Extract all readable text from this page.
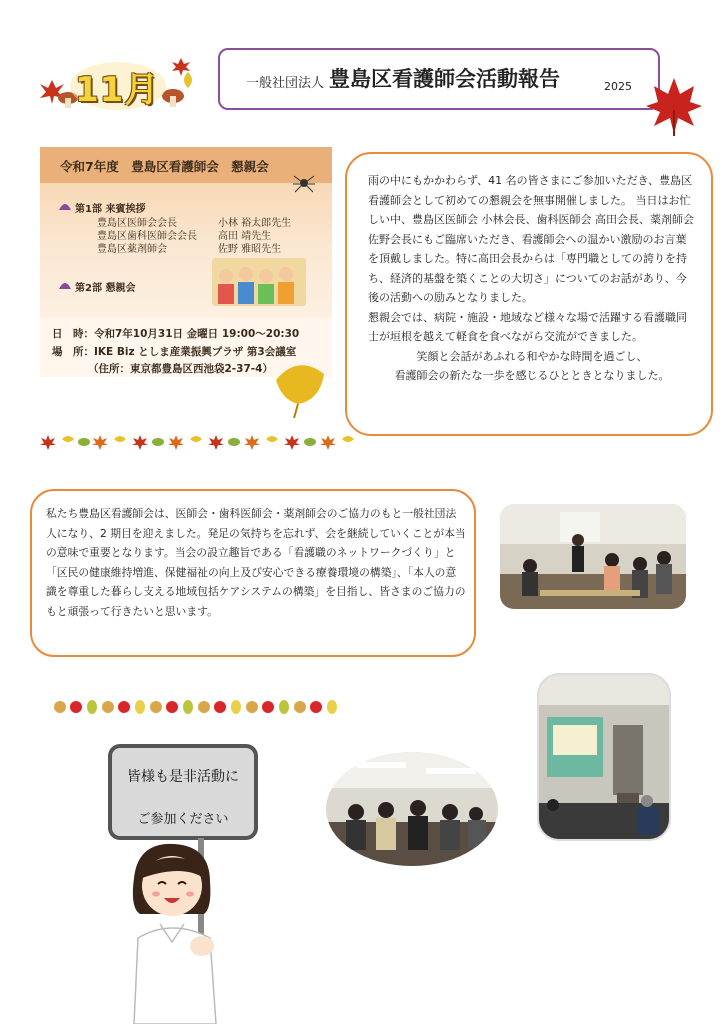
11月	一般社団法人 豊島区看護師会活動報告	2025
令和7年度　豊島区看護師会　懇親会
第1部 来賓挨拶
豊島区医師会会長	小林 裕太郎先生
豊島区歯科医師会会長 高田 靖先生
豊島区薬剤師会	佐野 雅昭先生
第2部 懇親会
日　時：令和7年10月31日 金曜日 19:00～20:30
場　所：IKE Biz としま産業振興プラザ 第3会議室
（住所：東京都豊島区西池袋2-37-4）

雨の中にもかかわらず、41 名の皆さまにご参加いただき、豊島区看護師会として初めての懇親会を無事開催しました。 当日はお忙しい中、豊島区医師会 小林会長、歯科医師会 高田会長、薬剤師会 佐野会長にもご臨席いただき、看護師会への温かい激励のお言葉を頂戴しました。特に高田会長からは「専門職としての誇りを持ち、経済的基盤を築くことの大切さ」についてのお話があり、今後の活動への励みとなりました。

懇親会では、病院・施設・地域など様々な場で活躍する看護職同士が垣根を越えて軽食を食べながら交流ができました。

笑顔と会話があふれる和やかな時間を過ごし、

看護師会の新たな一歩を感じるひとときとなりました。

私たち豊島区看護師会は、医師会・歯科医師会・薬剤師会のご協力のもと一般社団法人になり、2 期目を迎えました。発足の気持ちを忘れず、会を継続していくことが本当の意味で重要となります。当会の設立趣旨である「看護職のネットワークづくり」と「区民の健康維持増進、保健福祉の向上及び安心できる療養環境の構築」、「本人の意識を尊重した暮らし支える地域包括ケアシステムの構築」を目指し、皆さまのご協力のもと頑張って行きたいと思います。

皆様も是非活動に
ご参加ください
